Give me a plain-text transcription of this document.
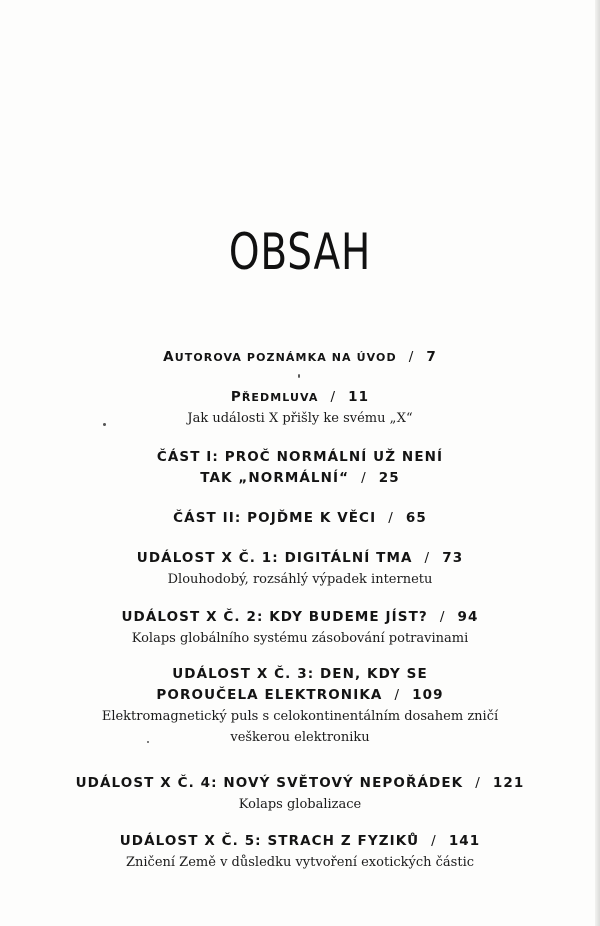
OBSAH
AUTOROVA POZNÁMKA NA ÚVOD / 7
PŘEDMLUVA / 11
Jak události X přišly ke svému „X“
ČÁST I: PROČ NORMÁLNÍ UŽ NENÍ
TAK „NORMÁLNÍ“ / 25
ČÁST II: POJĎME K VĚCI / 65
UDÁLOST X Č. 1: DIGITÁLNÍ TMA / 73
Dlouhodobý, rozsáhlý výpadek internetu
UDÁLOST X Č. 2: KDY BUDEME JÍST? / 94
Kolaps globálního systému zásobování potravinami
UDÁLOST X Č. 3: DEN, KDY SE
POROUČELA ELEKTRONIKA / 109
Elektromagnetický puls s celokontinentálním dosahem zničí
veškerou elektroniku
UDÁLOST X Č. 4: NOVÝ SVĚTOVÝ NEPOŘÁDEK / 121
Kolaps globalizace
UDÁLOST X Č. 5: STRACH Z FYZIKŮ / 141
Zničení Země v důsledku vytvoření exotických částic
